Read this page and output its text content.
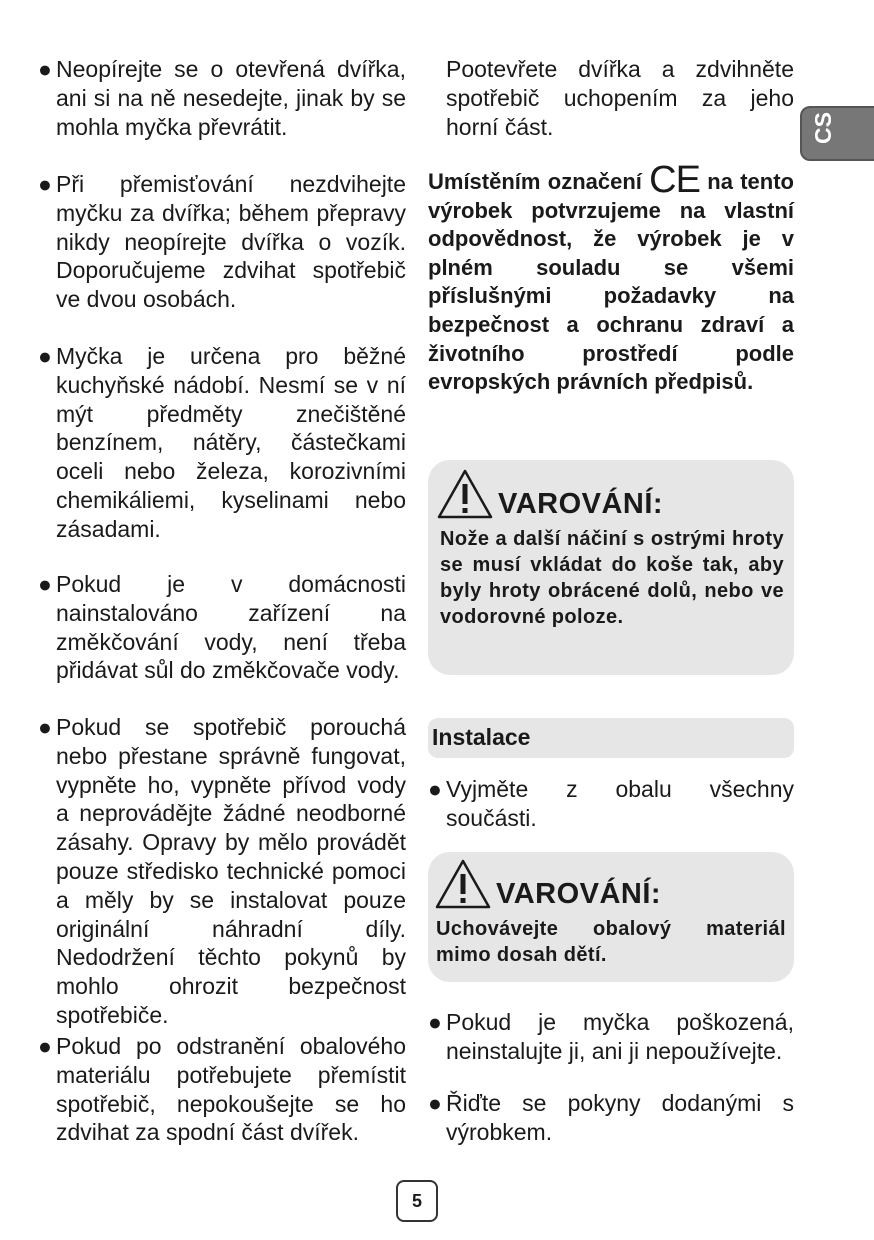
● Neopírejte se o otevřená dvířka, ani si na ně nesedejte, jinak by se mohla myčka převrátit.
● Při přemisťování nezdvihejte myčku za dvířka; během přepravy nikdy neopírejte dvířka o vozík. Doporučujeme zdvihat spotřebič ve dvou osobách.
● Myčka je určena pro běžné kuchyňské nádobí. Nesmí se v ní mýt předměty znečištěné benzínem, nátěry, částečkami oceli nebo železa, korozivními chemikáliemi, kyselinami nebo zásadami.
● Pokud je v domácnosti nainstalováno zařízení na změkčování vody, není třeba přidávat sůl do změkčovače vody.
● Pokud se spotřebič porouchá nebo přestane správně fungovat, vypněte ho, vypněte přívod vody a neprovádějte žádné neodborné zásahy. Opravy by mělo provádět pouze středisko technické pomoci a měly by se instalovat pouze originální náhradní díly. Nedodržení těchto pokynů by mohlo ohrozit bezpečnost spotřebiče.
● Pokud po odstranění obalového materiálu potřebujete přemístit spotřebič, nepokoušejte se ho zdvihat za spodní část dvířek.
Pootevřete dvířka a zdvihněte spotřebič uchopením za jeho horní část.
Umístěním označení CE na tento výrobek potvrzujeme na vlastní odpovědnost, že výrobek je v plném souladu se všemi příslušnými požadavky na bezpečnost a ochranu zdraví a životního prostředí podle evropských právních předpisů.
VAROVÁNÍ:
Nože a další náčiní s ostrými hroty se musí vkládat do koše tak, aby byly hroty obrácené dolů, nebo ve vodorovné poloze.
Instalace
● Vyjměte z obalu všechny součásti.
VAROVÁNÍ:
Uchovávejte obalový materiál mimo dosah dětí.
● Pokud je myčka poškozená, neinstalujte ji, ani ji nepoužívejte.
● Řiďte se pokyny dodanými s výrobkem.
CS
5
